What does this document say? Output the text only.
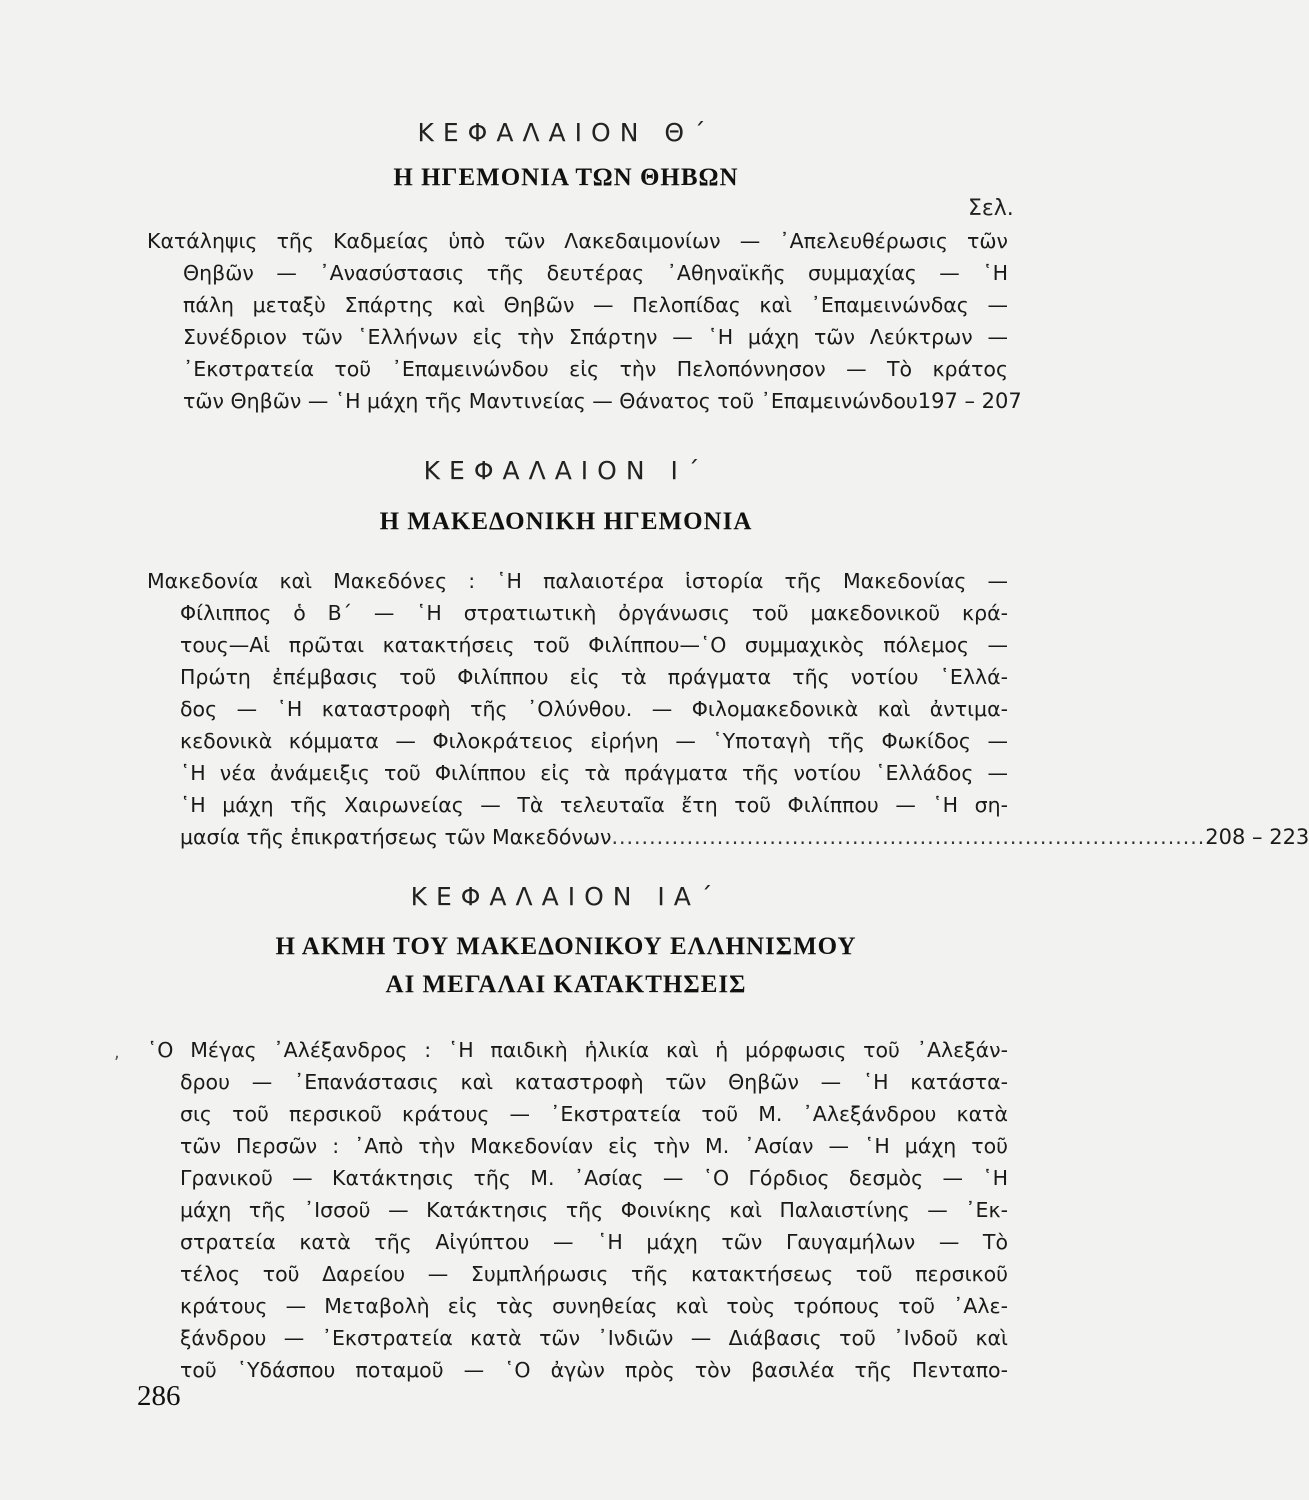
ΚΕΦΑΛΑΙΟΝ Θ΄
Η ΗΓΕΜΟΝΙΑ ΤΩΝ ΘΗΒΩΝ
Σελ.
Κατάληψις τῆς Καδμείας ὑπὸ τῶν Λακεδαιμονίων — ᾽Απελευθέρωσις τῶν
Θηβῶν — ᾽Ανασύστασις τῆς δευτέρας ᾽Αθηναϊκῆς συμμαχίας — ῾Η
πάλη μεταξὺ Σπάρτης καὶ Θηβῶν — Πελοπίδας καὶ ᾽Επαμεινώνδας —
Συνέδριον τῶν ῾Ελλήνων εἰς τὴν Σπάρτην — ῾Η μάχη τῶν Λεύκτρων —
᾽Εκστρατεία τοῦ ᾽Επαμεινώνδου εἰς τὴν Πελοπόννησον — Τὸ κράτος
τῶν Θηβῶν — ῾Η μάχη τῆς Μαντινείας — Θάνατος τοῦ ᾽Επαμεινώνδου 197 – 207
ΚΕΦΑΛΑΙΟΝ Ι΄
Η ΜΑΚΕΔΟΝΙΚΗ ΗΓΕΜΟΝΙΑ
Μακεδονία καὶ Μακεδόνες : ῾Η παλαιοτέρα ἱστορία τῆς Μακεδονίας —
Φίλιππος ὁ Β΄ — ῾Η στρατιωτικὴ ὀργάνωσις τοῦ μακεδονικοῦ κρά-
τους—Αἱ πρῶται κατακτήσεις τοῦ Φιλίππου—῾Ο συμμαχικὸς πόλεμος —
Πρώτη ἐπέμβασις τοῦ Φιλίππου εἰς τὰ πράγματα τῆς νοτίου ῾Ελλά-
δος — ῾Η καταστροφὴ τῆς ᾽Ολύνθου. — Φιλομακεδονικὰ καὶ ἀντιμα-
κεδονικὰ κόμματα — Φιλοκράτειος εἰρήνη — ῾Υποταγὴ τῆς Φωκίδος —
῾Η νέα ἀνάμειξις τοῦ Φιλίππου εἰς τὰ πράγματα τῆς νοτίου ῾Ελλάδος —
῾Η μάχη τῆς Χαιρωνείας — Τὰ τελευταῖα ἔτη τοῦ Φιλίππου — ῾Η ση-
μασία τῆς ἐπικρατήσεως τῶν Μακεδόνων ............................................................................... 208 – 223
ΚΕΦΑΛΑΙΟΝ ΙΑ΄
Η ΑΚΜΗ ΤΟΥ ΜΑΚΕΔΟΝΙΚΟΥ ΕΛΛΗΝΙΣΜΟΥ
ΑΙ ΜΕΓΑΛΑΙ ΚΑΤΑΚΤΗΣΕΙΣ
, ῾Ο Μέγας ᾽Αλέξανδρος : ῾Η παιδικὴ ἡλικία καὶ ἡ μόρφωσις τοῦ ᾽Αλεξάν-
δρου — ᾽Επανάστασις καὶ καταστροφὴ τῶν Θηβῶν — ῾Η κατάστα-
σις τοῦ περσικοῦ κράτους — ᾽Εκστρατεία τοῦ Μ. ᾽Αλεξάνδρου κατὰ
τῶν Περσῶν : ᾽Απὸ τὴν Μακεδονίαν εἰς τὴν Μ. ᾽Ασίαν — ῾Η μάχη τοῦ
Γρανικοῦ — Κατάκτησις τῆς Μ. ᾽Ασίας — ῾Ο Γόρδιος δεσμὸς — ῾Η
μάχη τῆς ᾽Ισσοῦ — Κατάκτησις τῆς Φοινίκης καὶ Παλαιστίνης — ᾽Εκ-
στρατεία κατὰ τῆς Αἰγύπτου — ῾Η μάχη τῶν Γαυγαμήλων — Τὸ
τέλος τοῦ Δαρείου — Συμπλήρωσις τῆς κατακτήσεως τοῦ περσικοῦ
κράτους — Μεταβολὴ εἰς τὰς συνηθείας καὶ τοὺς τρόπους τοῦ ᾽Αλε-
ξάνδρου — ᾽Εκστρατεία κατὰ τῶν ᾽Ινδιῶν — Διάβασις τοῦ ᾽Ινδοῦ καὶ
τοῦ ῾Υδάσπου ποταμοῦ — ῾Ο ἀγὼν πρὸς τὸν βασιλέα τῆς Πενταπο-
286
